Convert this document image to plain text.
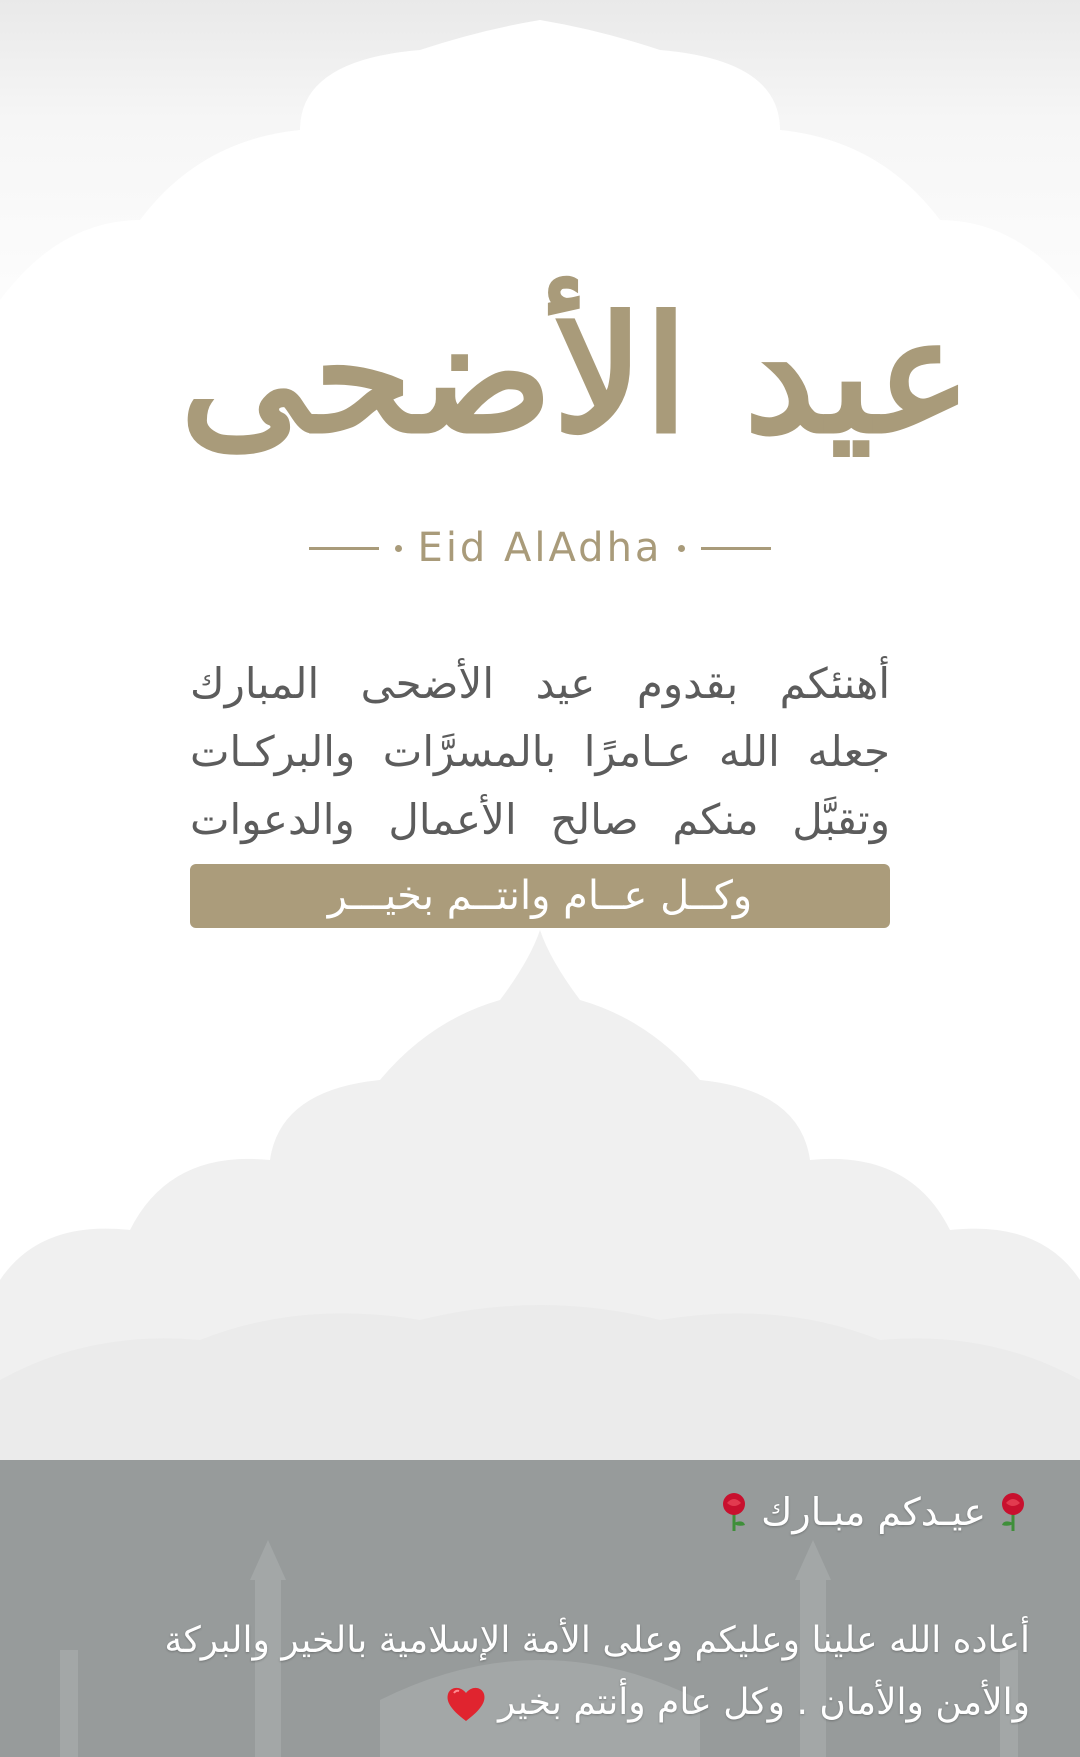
عيد الأضحى
Eid AlAdha
أهنئكم بقدوم عيد الأضحى المبارك
جعله الله عـامرًا بالمسرَّات والبركـات
وتقبَّل منكم صالح الأعمال والدعوات
وكــل عــام وانتــم بخيـــر
عيـدكم مبـارك
أعاده الله علينا وعليكم وعلى الأمة الإسلامية بالخير والبركة
والأمن والأمان . وكل عام وأنتم بخير
